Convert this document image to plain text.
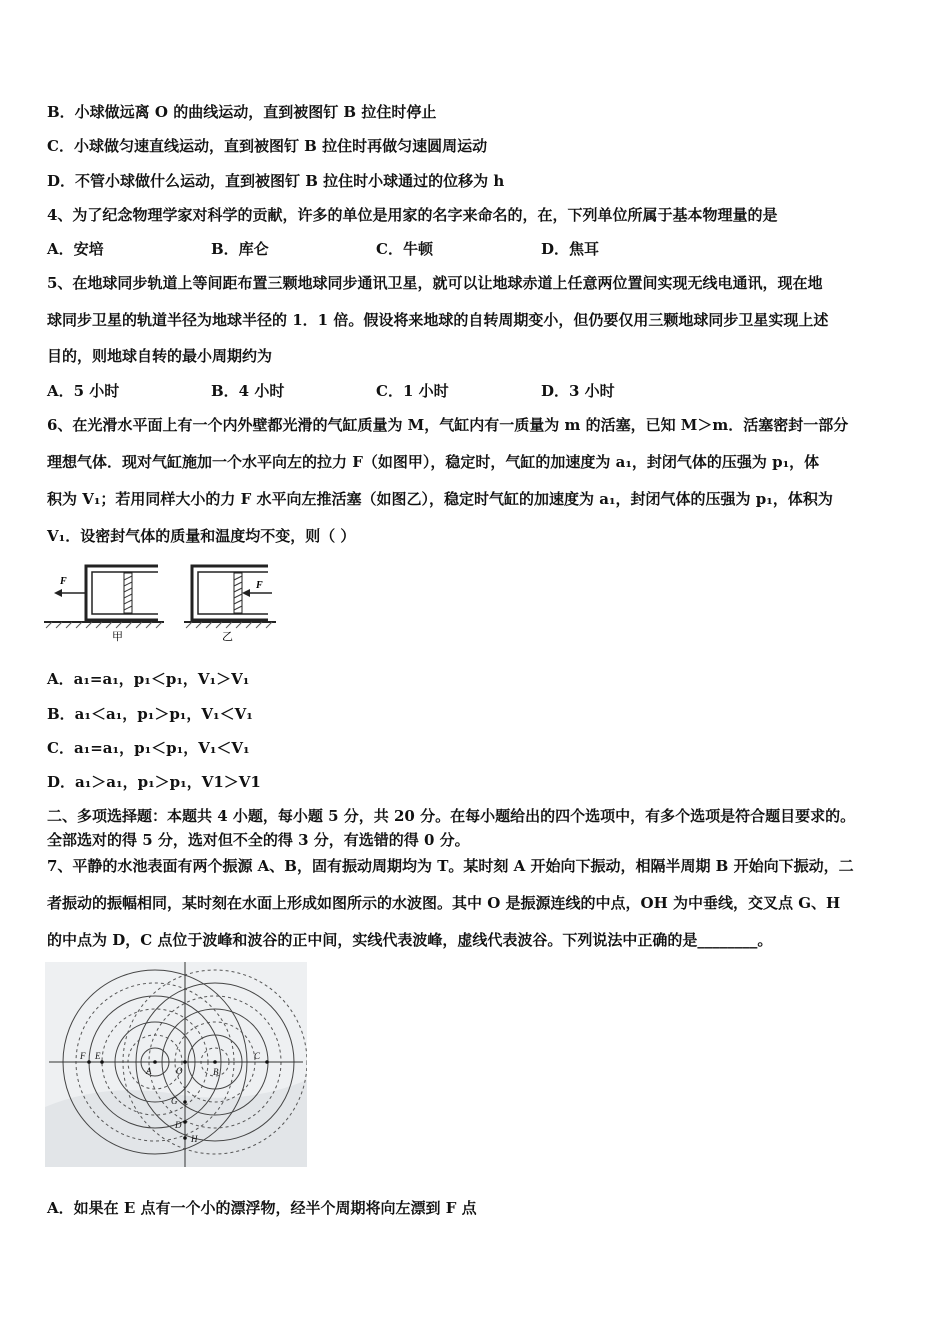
B．小球做远离 O 的曲线运动，直到被图钉 B 拉住时停止
C．小球做匀速直线运动，直到被图钉 B 拉住时再做匀速圆周运动
D．不管小球做什么运动，直到被图钉 B 拉住时小球通过的位移为 h
4、为了纪念物理学家对科学的贡献，许多的单位是用家的名字来命名的，在，下列单位所属于基本物理量的是
A．安培	B．库仑	C．牛顿	D．焦耳
5、在地球同步轨道上等间距布置三颗地球同步通讯卫星，就可以让地球赤道上任意两位置间实现无线电通讯，现在地
球同步卫星的轨道半径为地球半径的 1．1 倍。假设将来地球的自转周期变小，但仍要仅用三颗地球同步卫星实现上述
目的，则地球自转的最小周期约为
A．5 小时	B．4 小时	C．1 小时	D．3 小时
6、在光滑水平面上有一个内外壁都光滑的气缸质量为 M，气缸内有一质量为 m 的活塞，已知 M＞m．活塞密封一部分
理想气体．现对气缸施加一个水平向左的拉力 F（如图甲），稳定时，气缸的加速度为 a₁，封闭气体的压强为 p₁，体
积为 V₁；若用同样大小的力 F 水平向左推活塞（如图乙），稳定时气缸的加速度为 a₁，封闭气体的压强为 p₁，体积为
V₁．设密封气体的质量和温度均不变，则（ ）
F
甲
F
乙
A．a₁=a₁，p₁＜p₁，V₁＞V₁
B．a₁＜a₁，p₁＞p₁，V₁＜V₁
C．a₁=a₁，p₁＜p₁，V₁＜V₁
D．a₁＞a₁，p₁＞p₁，V1＞V1
二、多项选择题：本题共 4 小题，每小题 5 分，共 20 分。在每小题给出的四个选项中，有多个选项是符合题目要求的。
全部选对的得 5 分，选对但不全的得 3 分，有选错的得 0 分。
7、平静的水池表面有两个振源 A、B，固有振动周期均为 T。某时刻 A 开始向下振动，相隔半周期 B 开始向下振动，二
者振动的振幅相同，某时刻在水面上形成如图所示的水波图。其中 O 是振源连线的中点，OH 为中垂线，交叉点 G、H
的中点为 D，C 点位于波峰和波谷的正中间，实线代表波峰，虚线代表波谷。下列说法中正确的是________。
F E
A	O	B
C
G
D
H
A．如果在 E 点有一个小的漂浮物，经半个周期将向左漂到 F 点
